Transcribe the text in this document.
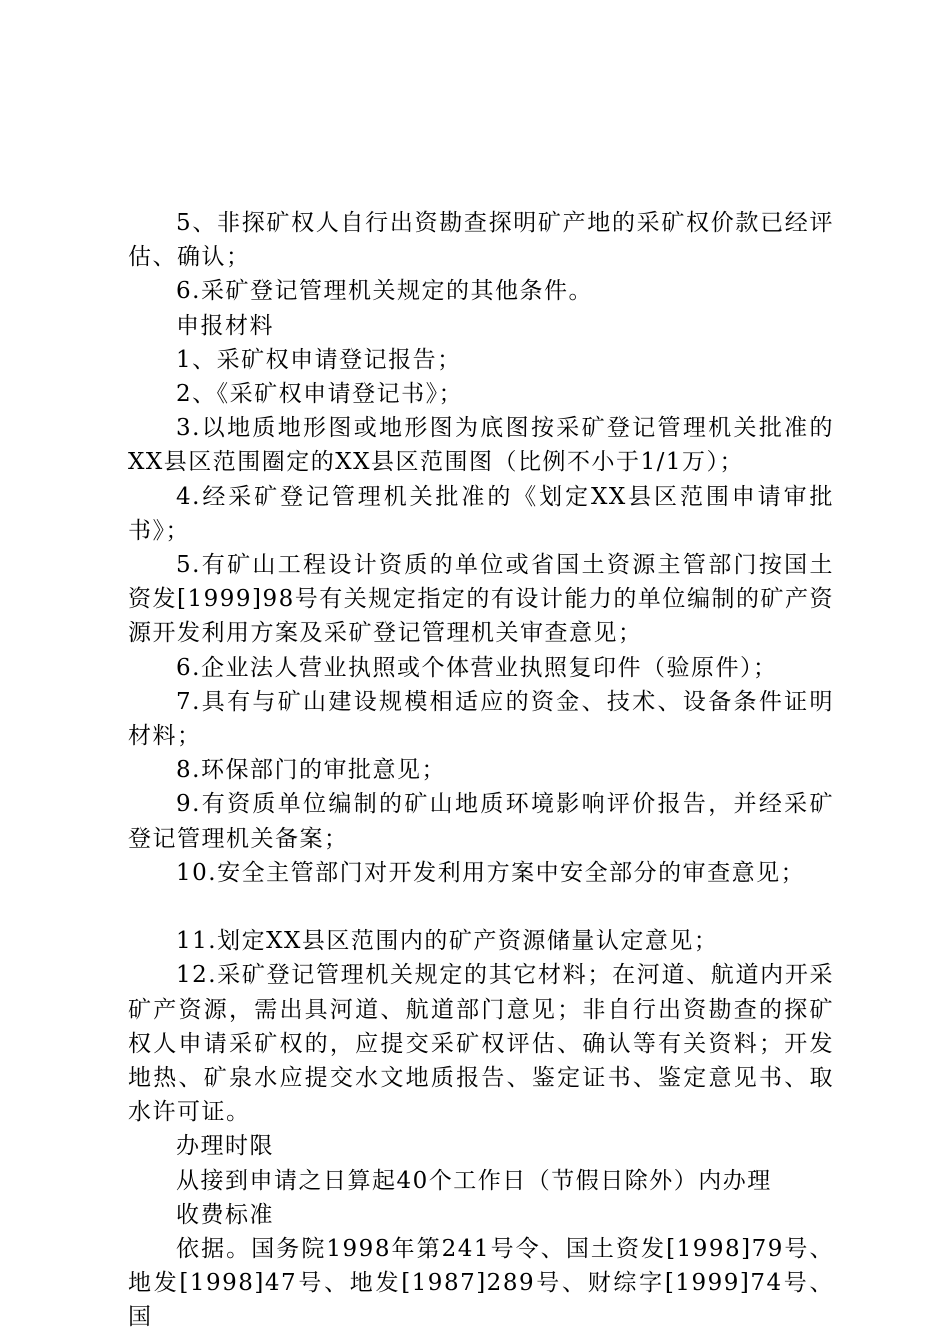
5、非探矿权人自行出资勘查探明矿产地的采矿权价款已经评估、确认；

6.采矿登记管理机关规定的其他条件。

申报材料

1、采矿权申请登记报告；

2、《采矿权申请登记书》；

3.以地质地形图或地形图为底图按采矿登记管理机关批准的XX县区范围圈定的XX县区范围图（比例不小于1/1万）；

4.经采矿登记管理机关批准的《划定XX县区范围申请审批书》；

5.有矿山工程设计资质的单位或省国土资源主管部门按国土资发[1999]98号有关规定指定的有设计能力的单位编制的矿产资源开发利用方案及采矿登记管理机关审查意见；

6.企业法人营业执照或个体营业执照复印件（验原件）；

7.具有与矿山建设规模相适应的资金、技术、设备条件证明材料；

8.环保部门的审批意见；

9.有资质单位编制的矿山地质环境影响评价报告，并经采矿登记管理机关备案；

10.安全主管部门对开发利用方案中安全部分的审查意见；

11.划定XX县区范围内的矿产资源储量认定意见；

12.采矿登记管理机关规定的其它材料；在河道、航道内开采矿产资源，需出具河道、航道部门意见；非自行出资勘查的探矿权人申请采矿权的，应提交采矿权评估、确认等有关资料；开发地热、矿泉水应提交水文地质报告、鉴定证书、鉴定意见书、取水许可证。

办理时限

从接到申请之日算起40个工作日（节假日除外）内办理

收费标准

依据。国务院1998年第241号令、国土资发[1998]79号、地发[1998]47号、地发[1987]289号、财综字[1999]74号、国
